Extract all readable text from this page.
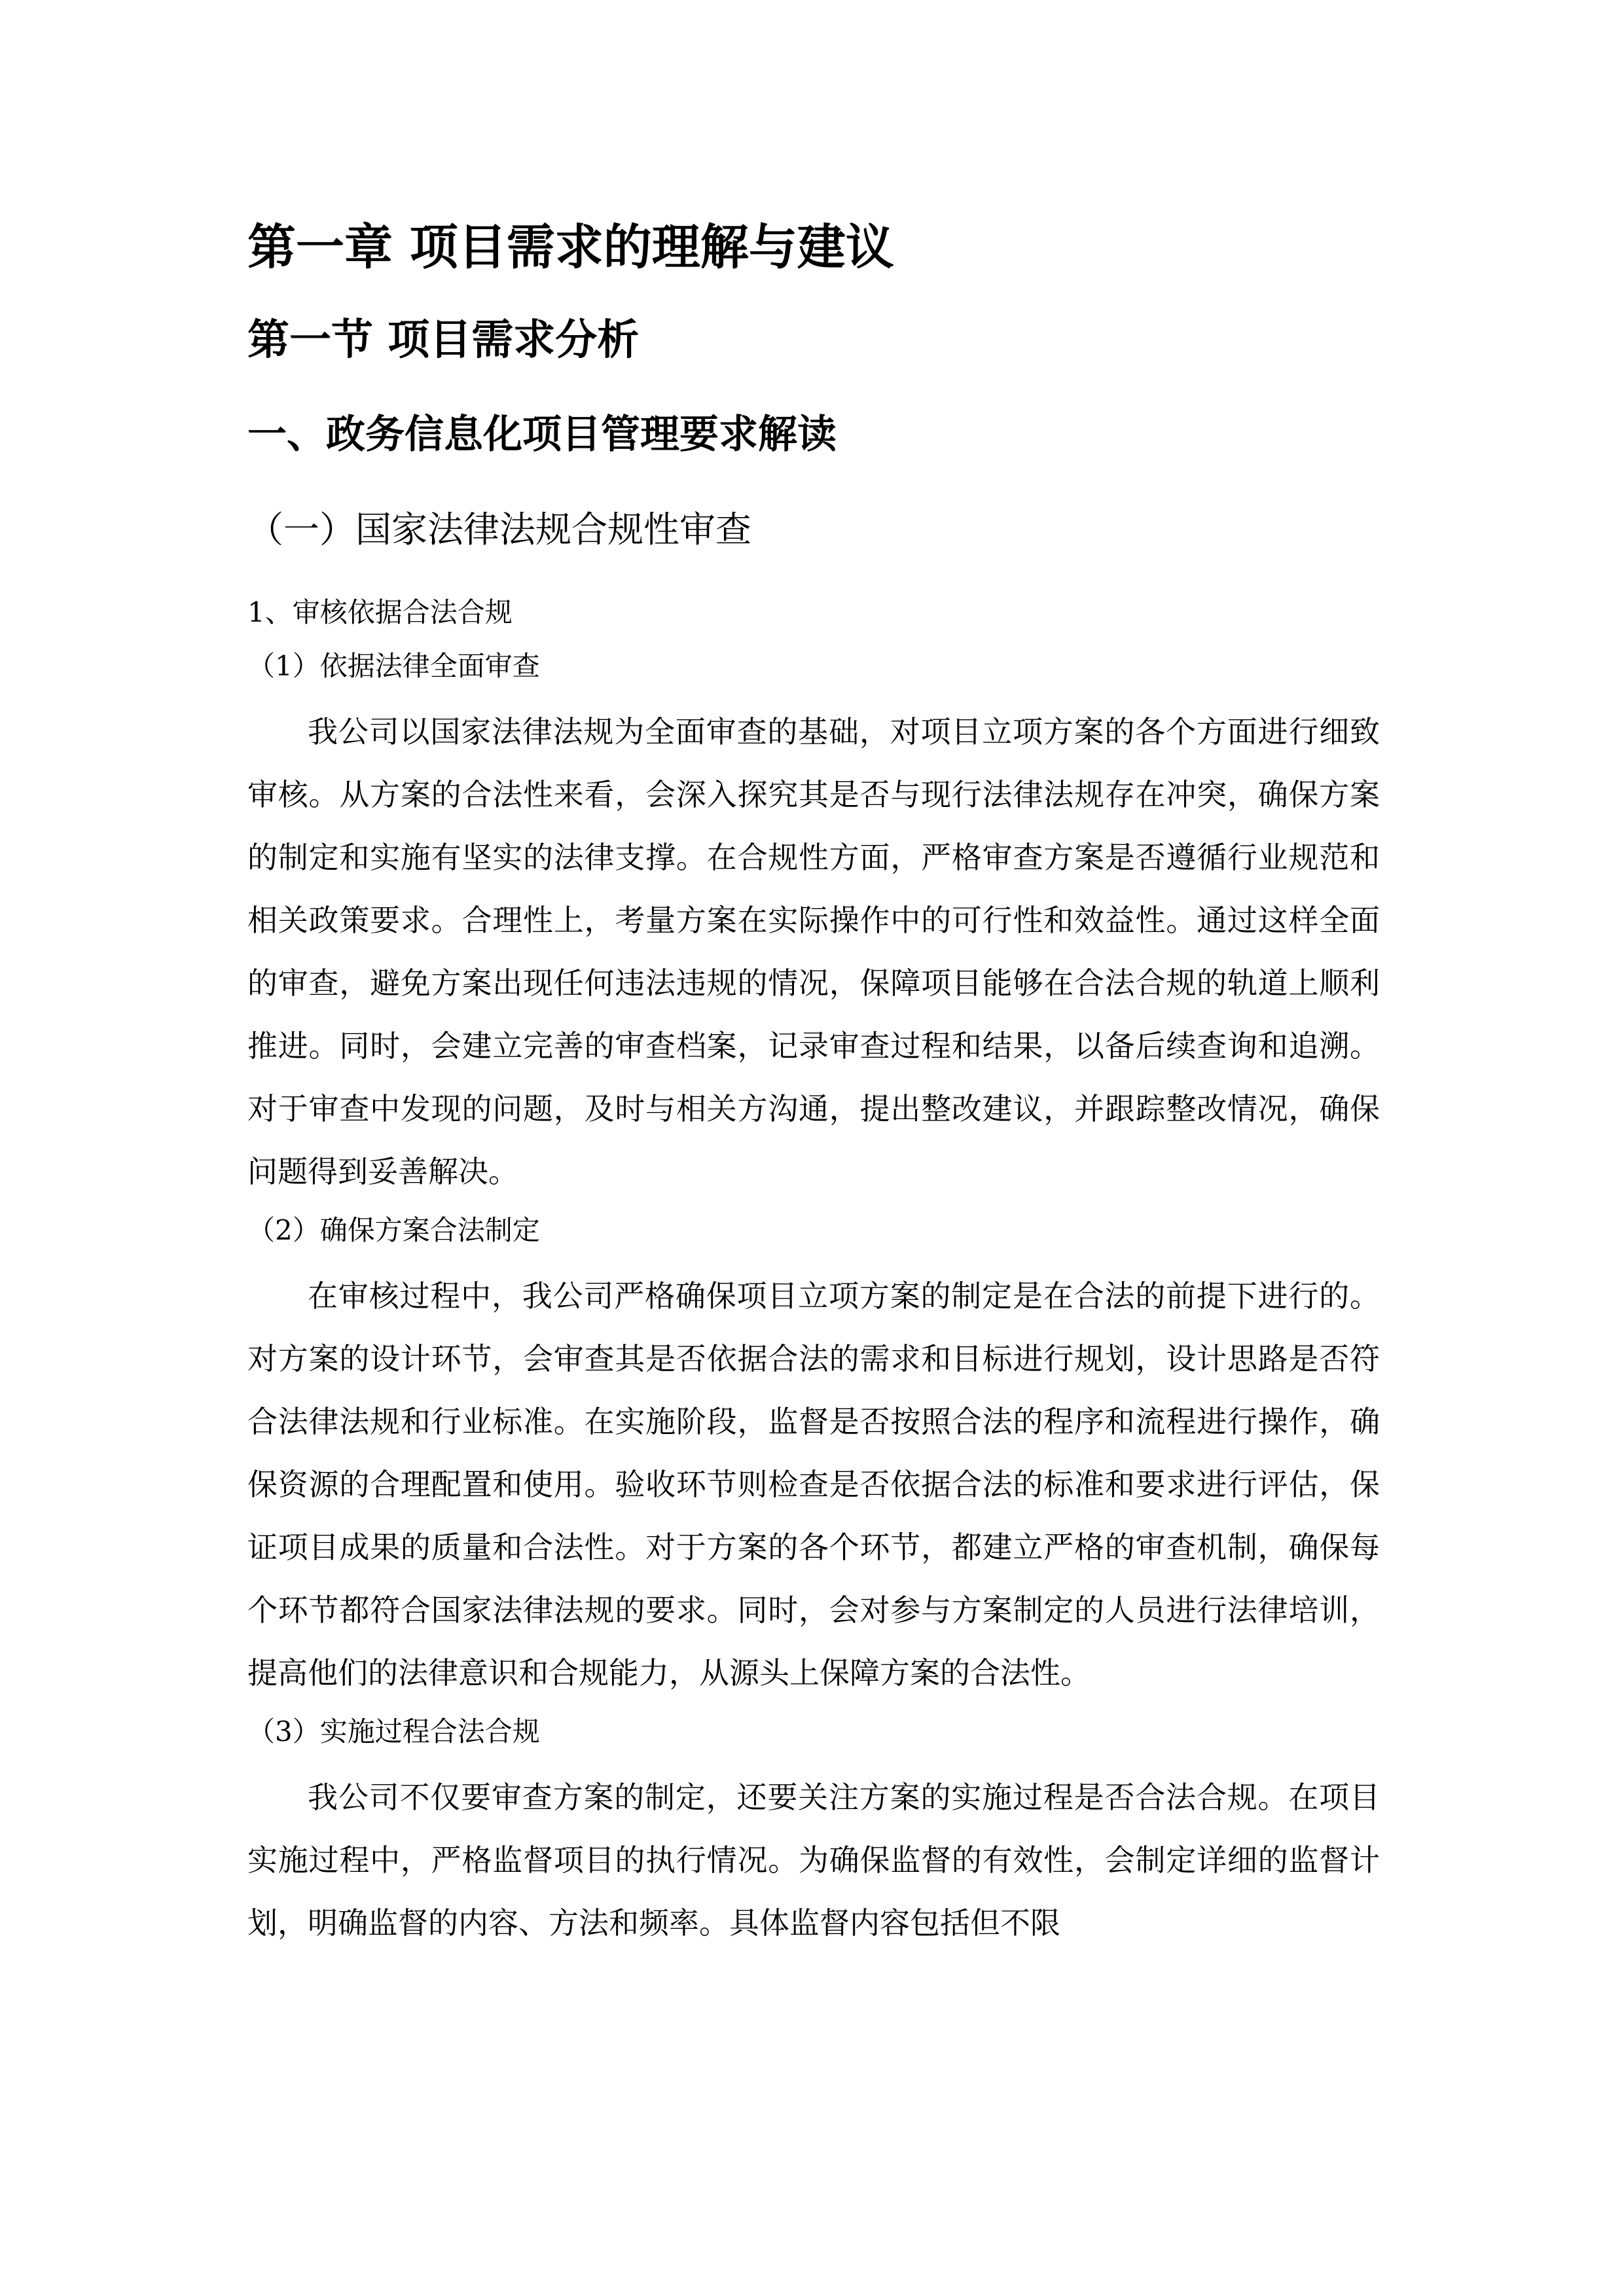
第一章 项目需求的理解与建议
第一节 项目需求分析
一、政务信息化项目管理要求解读
（一）国家法律法规合规性审查
1、审核依据合法合规
（1）依据法律全面审查

我公司以国家法律法规为全面审查的基础，对项目立项方案的各个方面进行细致审核。从方案的合法性来看，会深入探究其是否与现行法律法规存在冲突，确保方案的制定和实施有坚实的法律支撑。在合规性方面，严格审查方案是否遵循行业规范和相关政策要求。合理性上，考量方案在实际操作中的可行性和效益性。通过这样全面的审查，避免方案出现任何违法违规的情况，保障项目能够在合法合规的轨道上顺利推进。同时，会建立完善的审查档案，记录审查过程和结果，以备后续查询和追溯。对于审查中发现的问题，及时与相关方沟通，提出整改建议，并跟踪整改情况，确保问题得到妥善解决。

（2）确保方案合法制定

在审核过程中，我公司严格确保项目立项方案的制定是在合法的前提下进行的。对方案的设计环节，会审查其是否依据合法的需求和目标进行规划，设计思路是否符合法律法规和行业标准。在实施阶段，监督是否按照合法的程序和流程进行操作，确保资源的合理配置和使用。验收环节则检查是否依据合法的标准和要求进行评估，保证项目成果的质量和合法性。对于方案的各个环节，都建立严格的审查机制，确保每个环节都符合国家法律法规的要求。同时，会对参与方案制定的人员进行法律培训，提高他们的法律意识和合规能力，从源头上保障方案的合法性。

（3）实施过程合法合规

我公司不仅要审查方案的制定，还要关注方案的实施过程是否合法合规。在项目实施过程中，严格监督项目的执行情况。为确保监督的有效性，会制定详细的监督计划，明确监督的内容、方法和频率。具体监督内容包括但不限
